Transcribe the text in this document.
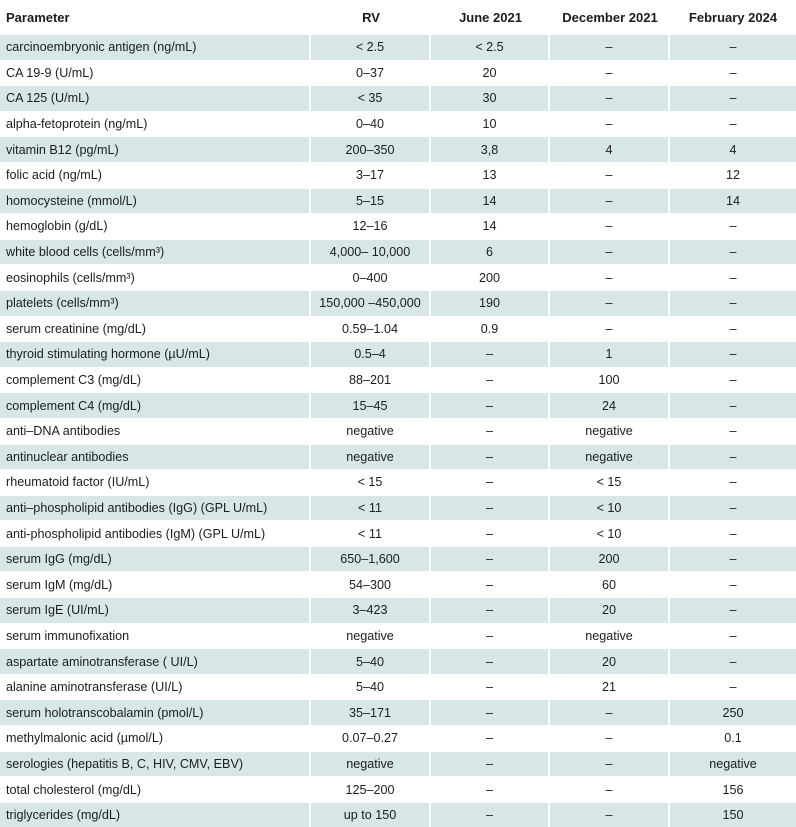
Parameter	RV	June 2021	December 2021	February 2024
carcinoembryonic antigen (ng/mL)	< 2.5	< 2.5	–	–
CA 19-9 (U/mL)	0–37	20	–	–
CA 125 (U/mL)	< 35	30	–	–
alpha-fetoprotein (ng/mL)	0–40	10	–	–
vitamin B12 (pg/mL)	200–350	3,8	4	4
folic acid (ng/mL)	3–17	13	–	12
homocysteine (mmol/L)	5–15	14	–	14
hemoglobin (g/dL)	12–16	14	–	–
white blood cells (cells/mm³)	4,000– 10,000	6	–	–
eosinophils (cells/mm³)	0–400	200	–	–
platelets (cells/mm³)	150,000 –450,000	190	–	–
serum creatinine (mg/dL)	0.59–1.04	0.9	–	–
thyroid stimulating hormone (µU/mL)	0.5–4	–	1	–
complement C3 (mg/dL)	88–201	–	100	–
complement C4 (mg/dL)	15–45	–	24	–
anti–DNA antibodies	negative	–	negative	–
antinuclear antibodies	negative	–	negative	–
rheumatoid factor (IU/mL)	< 15	–	< 15	–
anti–phospholipid antibodies (IgG) (GPL U/mL)	< 11	–	< 10	–
anti-phospholipid antibodies (IgM) (GPL U/mL)	< 11	–	< 10	–
serum IgG (mg/dL)	650–1,600	–	200	–
serum IgM (mg/dL)	54–300	–	60	–
serum IgE (UI/mL)	3–423	–	20	–
serum immunofixation	negative	–	negative	–
aspartate aminotransferase ( UI/L)	5–40	–	20	–
alanine aminotransferase (UI/L)	5–40	–	21	–
serum holotranscobalamin (pmol/L)	35–171	–	–	250
methylmalonic acid (µmol/L)	0.07–0.27	–	–	0.1
serologies (hepatitis B, C, HIV, CMV, EBV)	negative	–	–	negative
total cholesterol (mg/dL)	125–200	–	–	156
triglycerides (mg/dL)	up to 150	–	–	150
